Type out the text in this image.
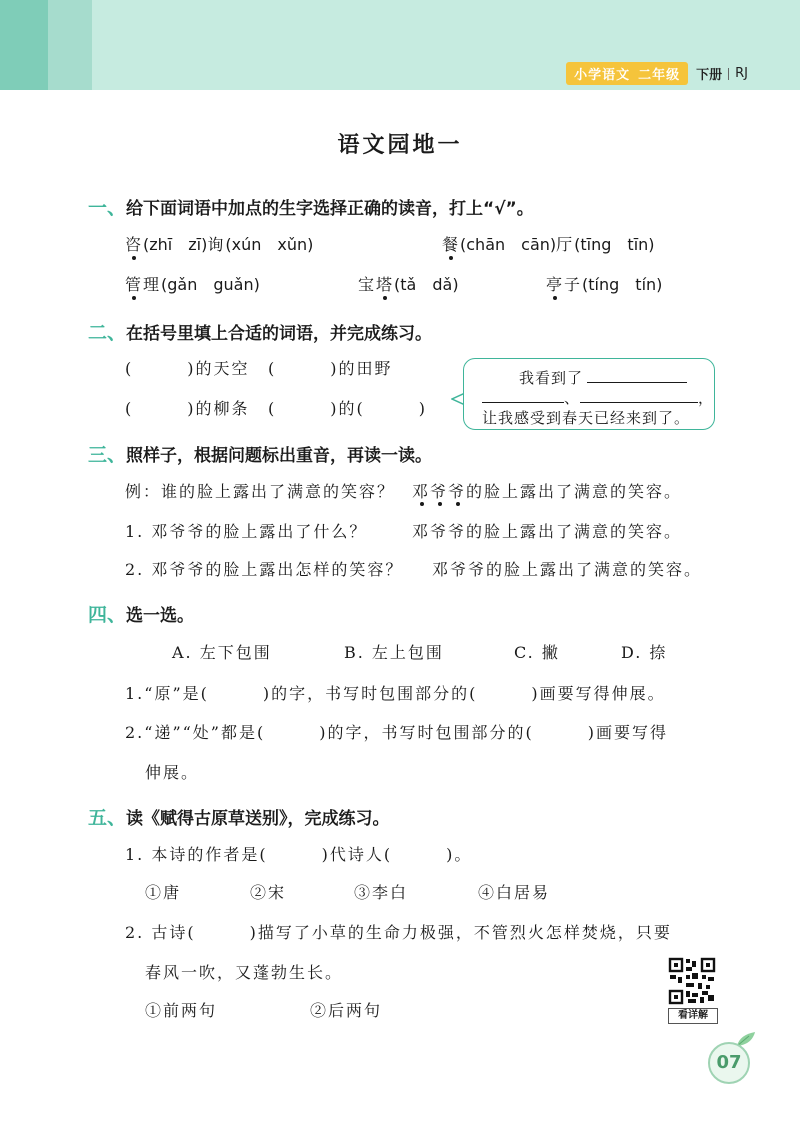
小学语文 二年级	下册 RJ
语文园地一
一、 给下面词语中加点的生字选择正确的读音，打上“√”。
咨(zhī　zī)询(xún　xǔn)	餐(chān　cān)厅(tīng　tīn)
管理(gǎn　guǎn)	宝塔(tǎ　dǎ)	亭子(tíng　tín)
二、 在括号里填上合适的词语，并完成练习。
(　　　)的天空 (　　　)的田野
(　　　)的柳条 (　　　)的(　　　)
我看到了
、	，
让我感受到春天已经来到了。
三、 照样子，根据问题标出重音，再读一读。
例：谁的脸上露出了满意的笑容？ 邓爷爷的脸上露出了满意的笑容。
1. 邓爷爷的脸上露出了什么？	邓爷爷的脸上露出了满意的笑容。
2. 邓爷爷的脸上露出怎样的笑容？ 邓爷爷的脸上露出了满意的笑容。
四、 选一选。
A. 左下包围	B. 左上包围	C. 撇	D. 捺
1.“原”是(　　　)的字，书写时包围部分的(　　　)画要写得伸展。
2.“递”“处”都是(　　　)的字，书写时包围部分的(　　　)画要写得
伸展。
五、 读《赋得古原草送别》，完成练习。
1. 本诗的作者是(　　　)代诗人(　　　)。
①唐	②宋	③李白	④白居易
2. 古诗(　　　)描写了小草的生命力极强，不管烈火怎样焚烧，只要
春风一吹，又蓬勃生长。
①前两句	②后两句	看详解
07
